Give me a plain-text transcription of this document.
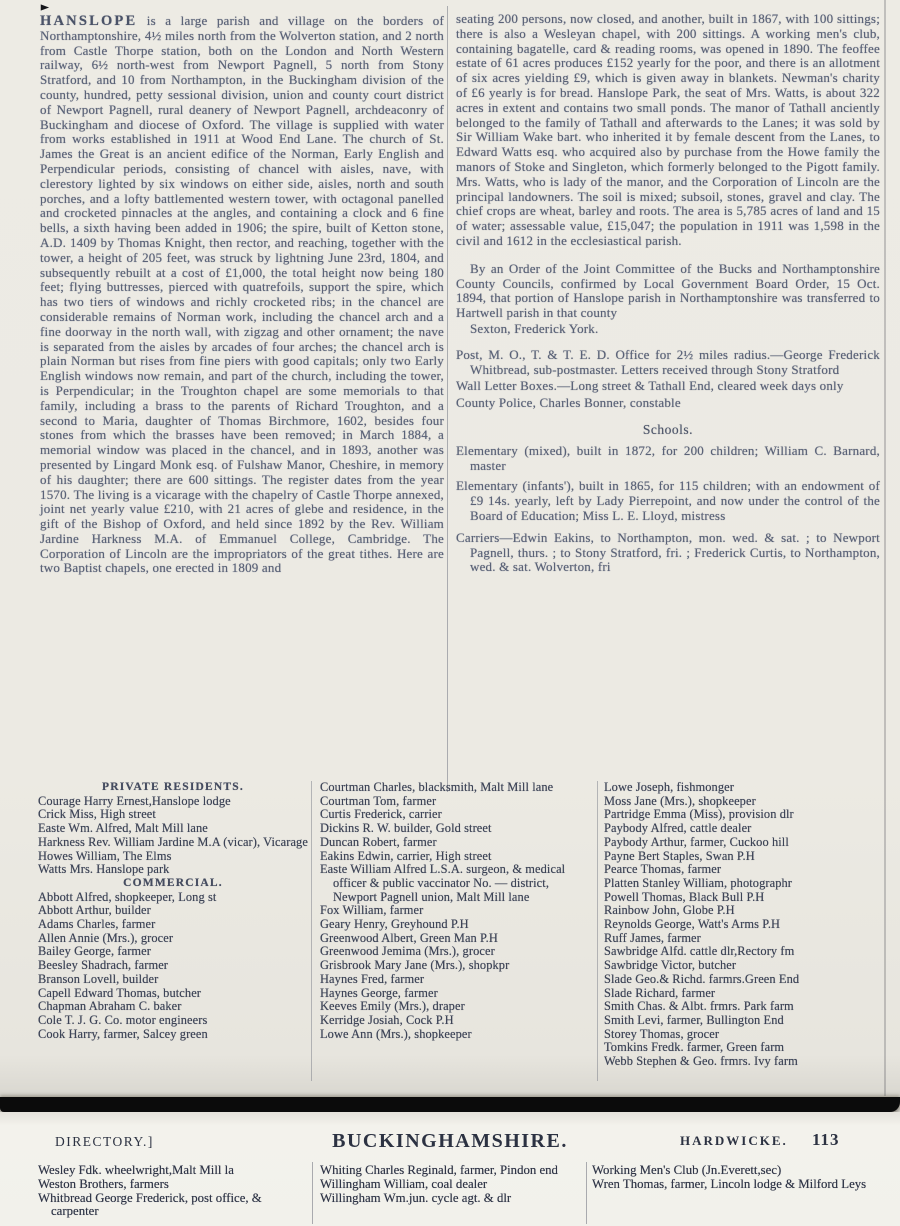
►
HANSLOPE is a large parish and village on the borders of Northamptonshire, 4½ miles north from the Wolverton station, and 2 north from Castle Thorpe station, both on the London and North Western railway, 6½ north-west from Newport Pagnell, 5 north from Stony Stratford, and 10 from Northampton, in the Buckingham division of the county, hundred, petty sessional division, union and county court district of Newport Pagnell, rural deanery of Newport Pagnell, archdeaconry of Buckingham and diocese of Oxford. The village is supplied with water from works established in 1911 at Wood End Lane. The church of St. James the Great is an ancient edifice of the Norman, Early English and Perpendicular periods, consisting of chancel with aisles, nave, with clerestory lighted by six windows on either side, aisles, north and south porches, and a lofty battlemented western tower, with octagonal panelled and crocketed pinnacles at the angles, and containing a clock and 6 fine bells, a sixth having been added in 1906; the spire, built of Ketton stone, A.D. 1409 by Thomas Knight, then rector, and reaching, together with the tower, a height of 205 feet, was struck by lightning June 23rd, 1804, and subsequently rebuilt at a cost of £1,000, the total height now being 180 feet; flying buttresses, pierced with quatrefoils, support the spire, which has two tiers of windows and richly crocketed ribs; in the chancel are considerable remains of Norman work, including the chancel arch and a fine doorway in the north wall, with zigzag and other ornament; the nave is separated from the aisles by arcades of four arches; the chancel arch is plain Norman but rises from fine piers with good capitals; only two Early English windows now remain, and part of the church, including the tower, is Perpendicular; in the Troughton chapel are some memorials to that family, including a brass to the parents of Richard Troughton, and a second to Maria, daughter of Thomas Birchmore, 1602, besides four stones from which the brasses have been removed; in March 1884, a memorial window was placed in the chancel, and in 1893, another was presented by Lingard Monk esq. of Fulshaw Manor, Cheshire, in memory of his daughter; there are 600 sittings. The register dates from the year 1570. The living is a vicarage with the chapelry of Castle Thorpe annexed, joint net yearly value £210, with 21 acres of glebe and residence, in the gift of the Bishop of Oxford, and held since 1892 by the Rev. William Jardine Harkness M.A. of Emmanuel College, Cambridge. The Corporation of Lincoln are the impropriators of the great tithes. Here are two Baptist chapels, one erected in 1809 and
seating 200 persons, now closed, and another, built in 1867, with 100 sittings; there is also a Wesleyan chapel, with 200 sittings. A working men's club, containing bagatelle, card & reading rooms, was opened in 1890. The feoffee estate of 61 acres produces £152 yearly for the poor, and there is an allotment of six acres yielding £9, which is given away in blankets. Newman's charity of £6 yearly is for bread. Hanslope Park, the seat of Mrs. Watts, is about 322 acres in extent and contains two small ponds. The manor of Tathall anciently belonged to the family of Tathall and afterwards to the Lanes; it was sold by Sir William Wake bart. who inherited it by female descent from the Lanes, to Edward Watts esq. who acquired also by purchase from the Howe family the manors of Stoke and Singleton, which formerly belonged to the Pigott family. Mrs. Watts, who is lady of the manor, and the Corporation of Lincoln are the principal landowners. The soil is mixed; subsoil, stones, gravel and clay. The chief crops are wheat, barley and roots. The area is 5,785 acres of land and 15 of water; assessable value, £15,047; the population in 1911 was 1,598 in the civil and 1612 in the ecclesiastical parish.
By an Order of the Joint Committee of the Bucks and Northamptonshire County Councils, confirmed by Local Government Board Order, 15 Oct. 1894, that portion of Hanslope parish in Northamptonshire was transferred to Hartwell parish in that county
Sexton, Frederick York.
Post, M. O., T. & T. E. D. Office for 2½ miles radius.—George Frederick Whitbread, sub-postmaster. Letters received through Stony Stratford
Wall Letter Boxes.—Long street & Tathall End, cleared week days only
County Police, Charles Bonner, constable
Schools.
Elementary (mixed), built in 1872, for 200 children; William C. Barnard, master
Elementary (infants'), built in 1865, for 115 children; with an endowment of £9 14s. yearly, left by Lady Pierrepoint, and now under the control of the Board of Education; Miss L. E. Lloyd, mistress
Carriers—Edwin Eakins, to Northampton, mon. wed. & sat. ; to Newport Pagnell, thurs. ; to Stony Stratford, fri. ; Frederick Curtis, to Northampton, wed. & sat. Wolverton, fri
PRIVATE RESIDENTS.
Courage Harry Ernest,Hanslope lodge
Crick Miss, High street
Easte Wm. Alfred, Malt Mill lane
Harkness Rev. William Jardine M.A (vicar), Vicarage
Howes William, The Elms
Watts Mrs. Hanslope park
COMMERCIAL.
Abbott Alfred, shopkeeper, Long st
Abbott Arthur, builder
Adams Charles, farmer
Allen Annie (Mrs.), grocer
Bailey George, farmer
Beesley Shadrach, farmer
Branson Lovell, builder
Capell Edward Thomas, butcher
Chapman Abraham C. baker
Cole T. J. G. Co. motor engineers
Cook Harry, farmer, Salcey green
Courtman Charles, blacksmith, Malt Mill lane
Courtman Tom, farmer
Curtis Frederick, carrier
Dickins R. W. builder, Gold street
Duncan Robert, farmer
Eakins Edwin, carrier, High street
Easte William Alfred L.S.A. surgeon, & medical officer & public vaccinator No. — district, Newport Pagnell union, Malt Mill lane
Fox William, farmer
Geary Henry, Greyhound P.H
Greenwood Albert, Green Man P.H
Greenwood Jemima (Mrs.), grocer
Grisbrook Mary Jane (Mrs.), shopkpr
Haynes Fred, farmer
Haynes George, farmer
Keeves Emily (Mrs.), draper
Kerridge Josiah, Cock P.H
Lowe Ann (Mrs.), shopkeeper
Lowe Joseph, fishmonger
Moss Jane (Mrs.), shopkeeper
Partridge Emma (Miss), provision dlr
Paybody Alfred, cattle dealer
Paybody Arthur, farmer, Cuckoo hill
Payne Bert Staples, Swan P.H
Pearce Thomas, farmer
Platten Stanley William, photographr
Powell Thomas, Black Bull P.H
Rainbow John, Globe P.H
Reynolds George, Watt's Arms P.H
Ruff James, farmer
Sawbridge Alfd. cattle dlr,Rectory fm
Sawbridge Victor, butcher
Slade Geo.& Richd. farmrs.Green End
Slade Richard, farmer
Smith Chas. & Albt. frmrs. Park farm
Smith Levi, farmer, Bullington End
Storey Thomas, grocer
Tomkins Fredk. farmer, Green farm
Webb Stephen & Geo. frmrs. Ivy farm
DIRECTORY.]	BUCKINGHAMSHIRE.	HARDWICKE. 113
Wesley Fdk. wheelwright,Malt Mill la
Weston Brothers, farmers
Whitbread George Frederick, post office, & carpenter
Whiting Charles Reginald, farmer, Pindon end
Willingham William, coal dealer
Willingham Wm.jun. cycle agt. & dlr
Working Men's Club (Jn.Everett,sec)
Wren Thomas, farmer, Lincoln lodge & Milford Leys
